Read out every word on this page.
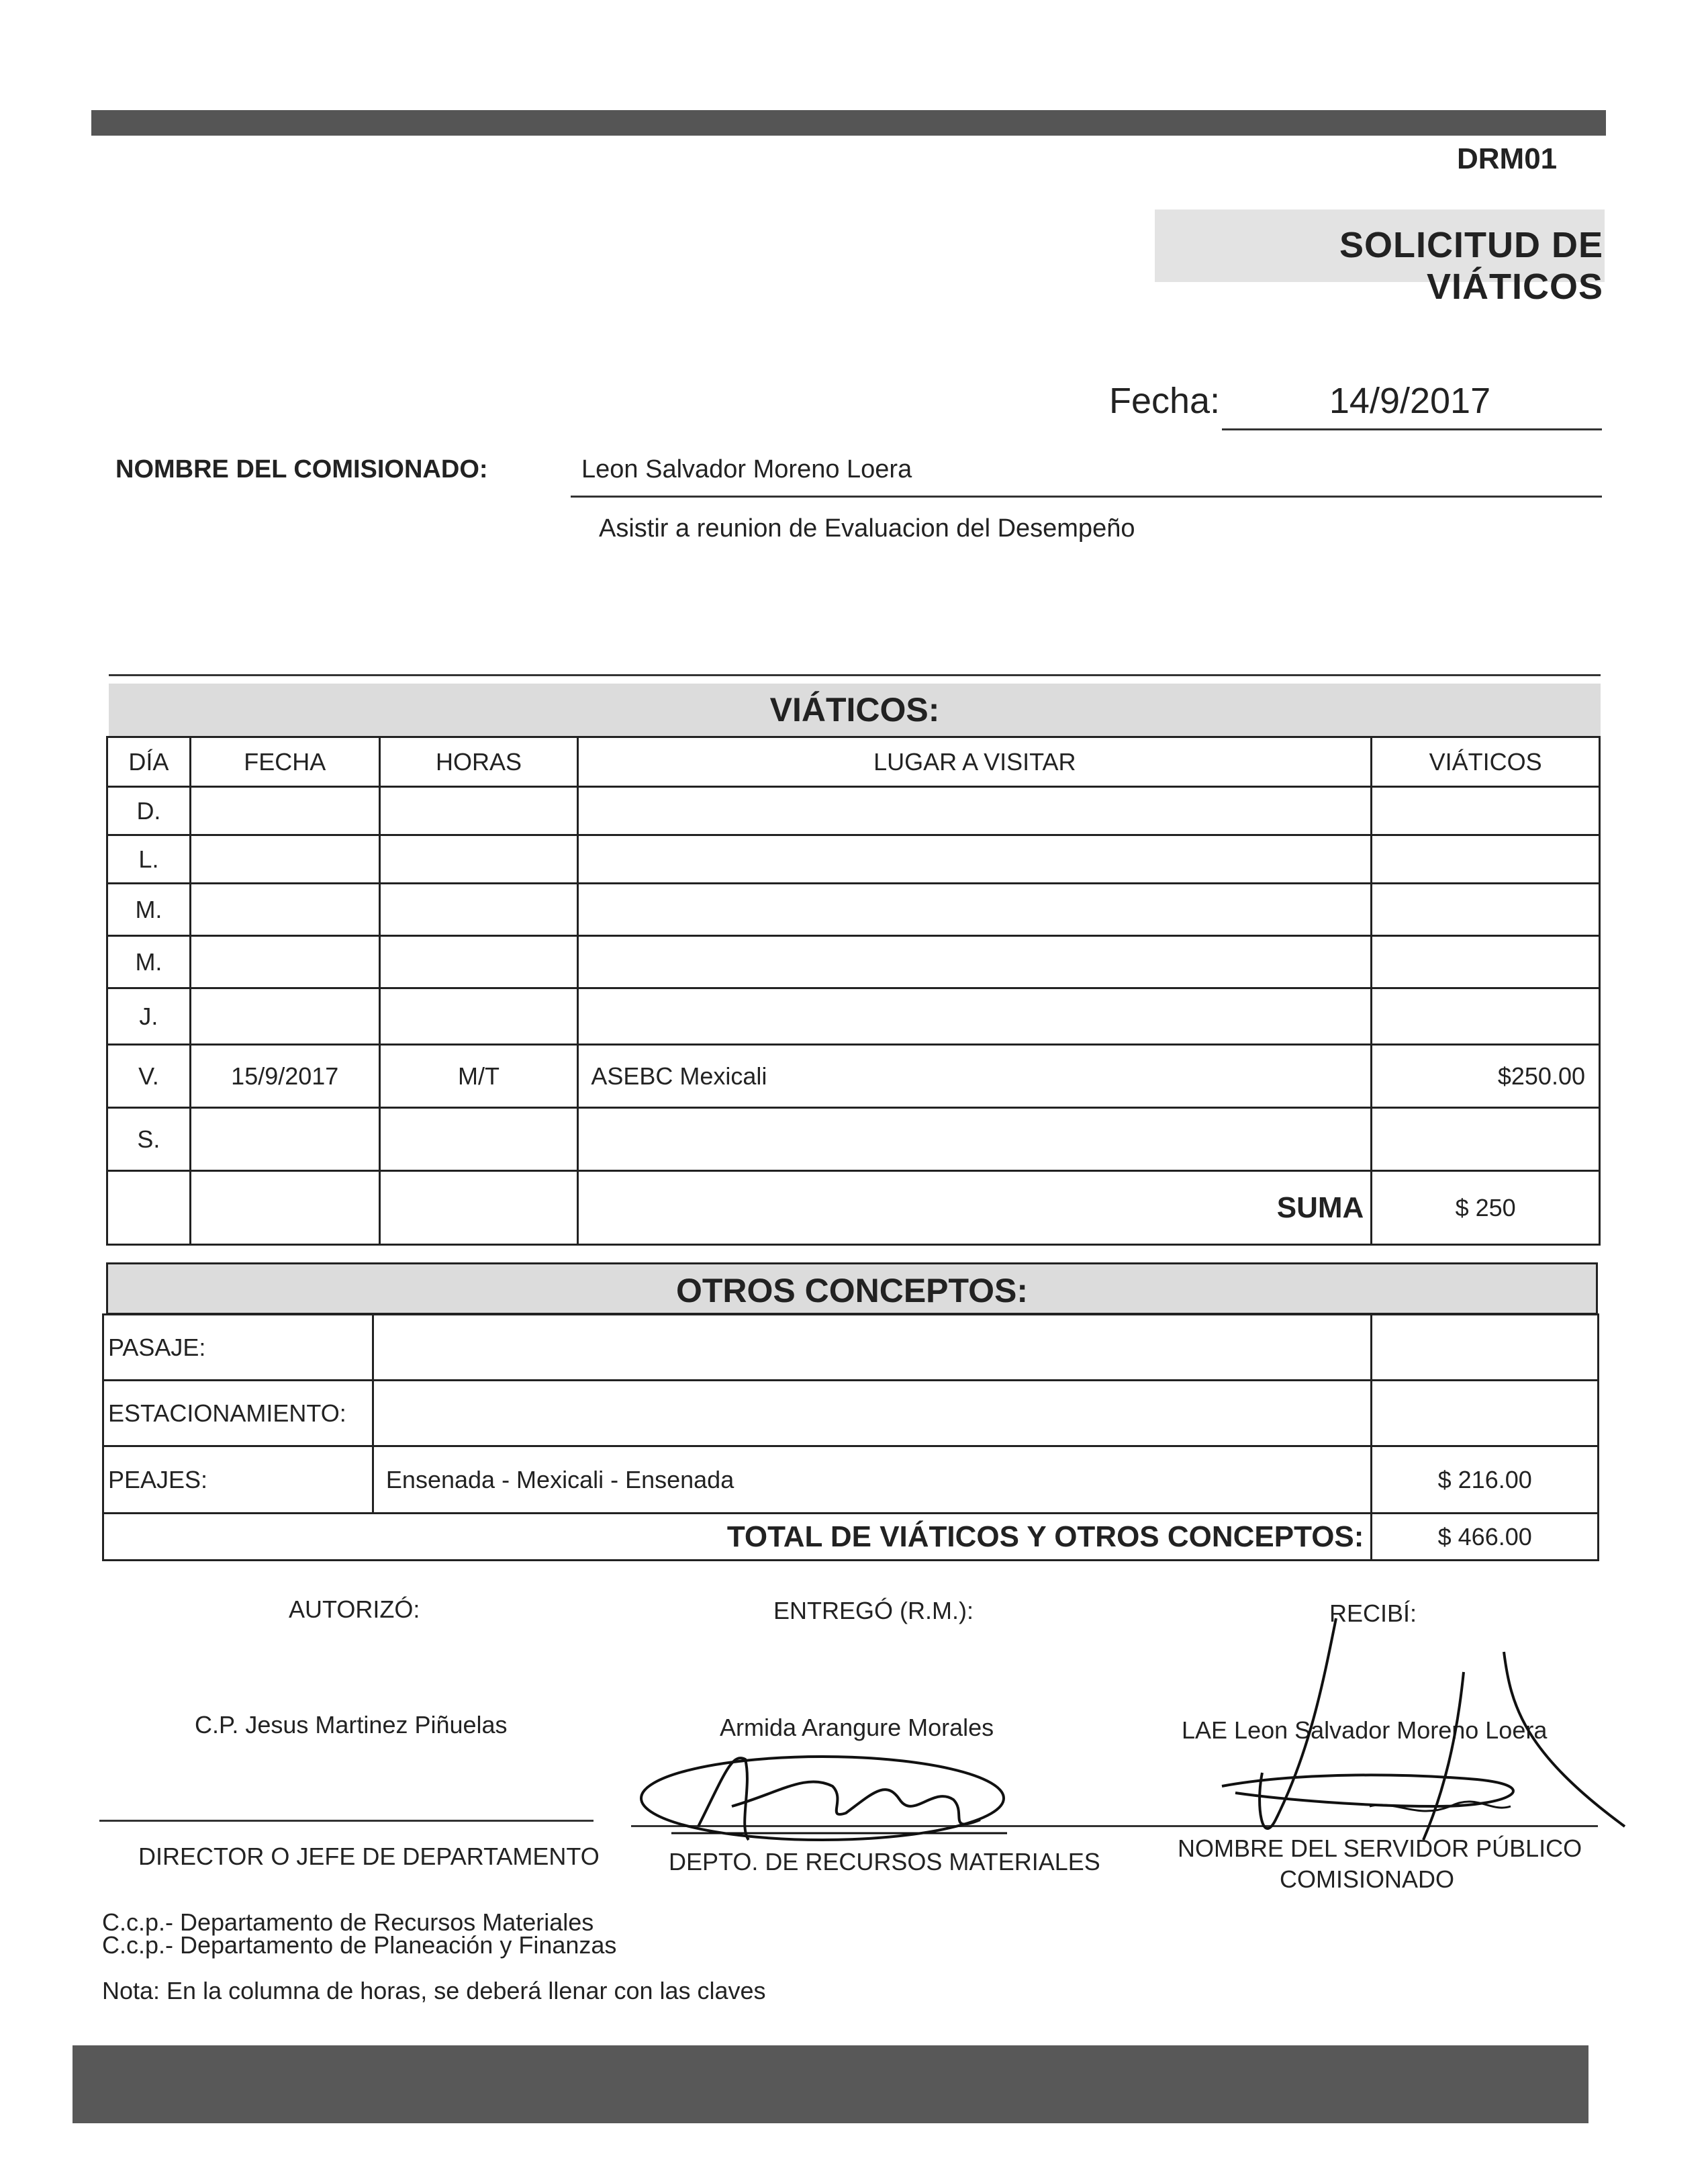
DRM01
SOLICITUD DE VIÁTICOS
Fecha:	14/9/2017
NOMBRE DEL COMISIONADO:	Leon Salvador Moreno Loera
Asistir a reunion de Evaluacion del Desempeño
VIÁTICOS:
DÍA	FECHA	HORAS	LUGAR A VISITAR	VIÁTICOS
D.				
L.				
M.				
M.				
J.				
V.	15/9/2017	M/T	ASEBC Mexicali	$250.00
S.				
			SUMA	$ 250
OTROS CONCEPTOS:
PASAJE:		
ESTACIONAMIENTO:		
PEAJES:	Ensenada - Mexicali - Ensenada	$ 216.00
TOTAL DE VIÁTICOS Y OTROS CONCEPTOS:		$ 466.00
AUTORIZÓ:	ENTREGÓ (R.M.):	RECIBÍ:
C.P. Jesus Martinez Piñuelas	Armida Arangure Morales	LAE Leon Salvador Moreno Loera
DIRECTOR O JEFE DE DEPARTAMENTO	DEPTO. DE RECURSOS MATERIALES	NOMBRE DEL SERVIDOR PÚBLICO
COMISIONADO
C.c.p.- Departamento de Recursos Materiales
C.c.p.- Departamento de Planeación y Finanzas
Nota: En la columna de horas, se deberá llenar con las claves
